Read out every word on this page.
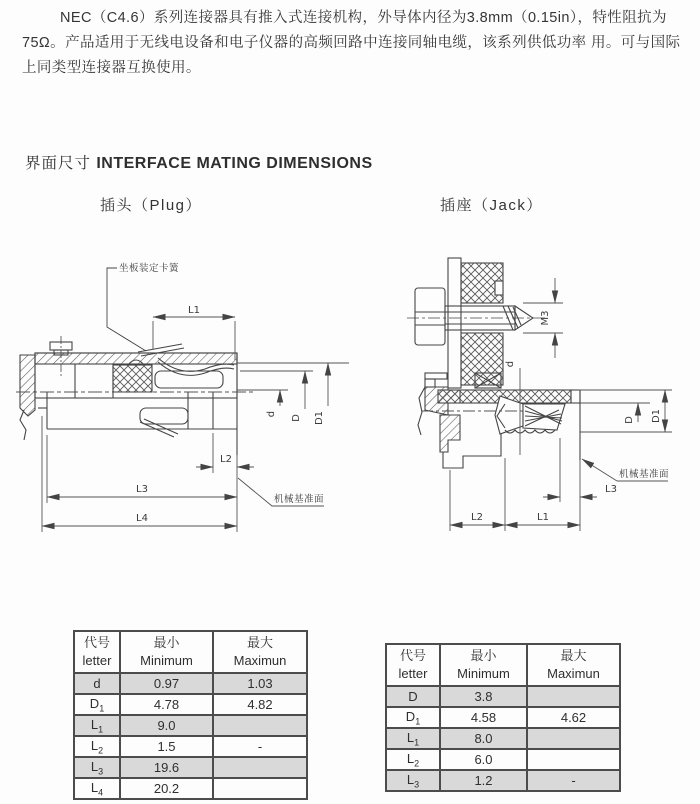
NEC（C4.6）系列连接器具有推入式连接机构，外导体内径为3.8mm（0.15in），特性阻抗为75Ω。产品适用于无线电设备和电子仪器的高频回路中连接同轴电缆，该系列供低功率 用。可与国际上同类型连接器互换使用。
界面尺寸 INTERFACE MATING DIMENSIONS
插头（Plug）	插座（Jack）
L1
d
D D1
L2
L3
L4
机械基准面
坐板装定卡簧
M3
d
D D1
机械基准面
L3
L2	L1
代号
letter

最小
Minimum

最大
Maximun

d	0.97	1.03
$D_1$	4.78	4.82
$L_1$	9.0	
$L_2$	1.5	-
$L_3$	19.6	
$L_4$	20.2	
代号
letter

最小
Minimum

最大
Maximun

D	3.8	
$D_1$	4.58	4.62
$L_1$	8.0	
$L_2$	6.0	
$L_3$	1.2	-
